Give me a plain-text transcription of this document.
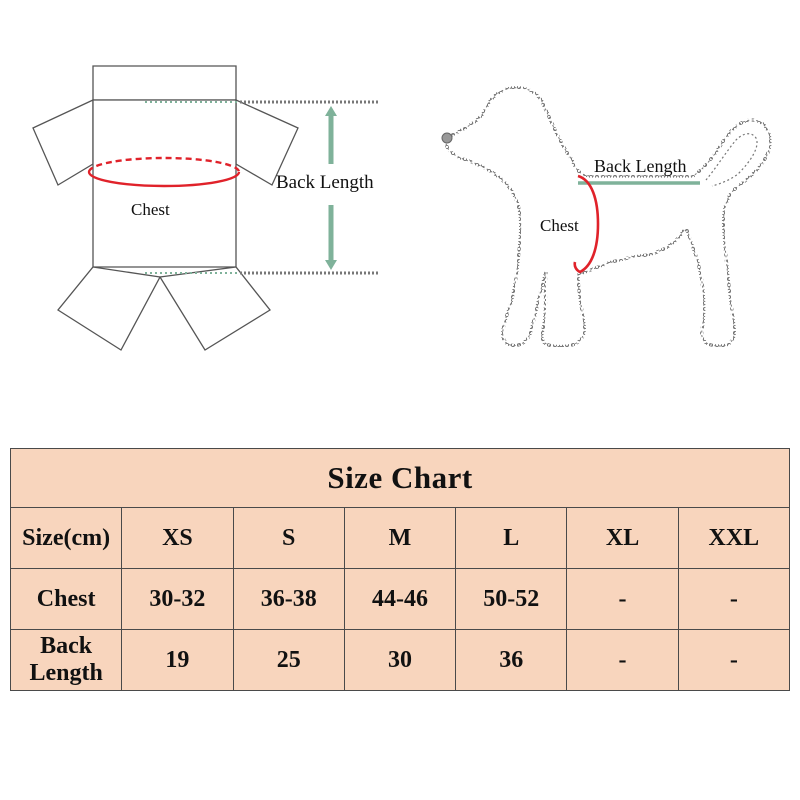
Chest
Back Length
Back Length
Chest
Size Chart						
Size(cm)	XS	S	M	L	XL	XXL
Chest	30-32	36-38	44-46	50-52	-	-
Back Length	19	25	30	36	-	-
